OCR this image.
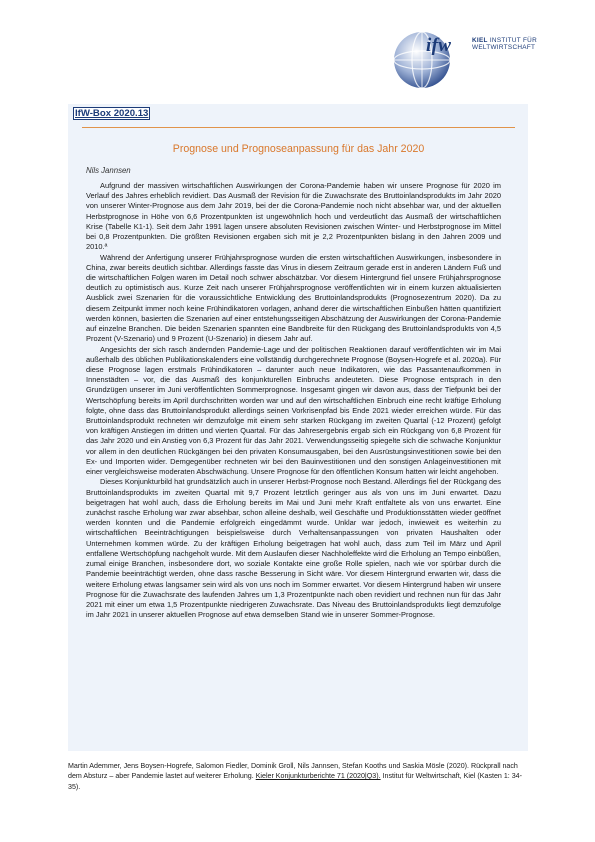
ifw	KIEL INSTITUT FÜR
WELTWIRTSCHAFT
IfW-Box 2020.13
Prognose und Prognoseanpassung für das Jahr 2020
Nils Jannsen

Aufgrund der massiven wirtschaftlichen Auswirkungen der Corona-Pandemie haben wir unsere Prognose für 2020 im Verlauf des Jahres erheblich revidiert. Das Ausmaß der Revision für die Zuwachsrate des Bruttoinlandsprodukts im Jahr 2020 von unserer Winter-Prognose aus dem Jahr 2019, bei der die Corona-Pandemie noch nicht absehbar war, und der aktuellen Herbstprognose in Höhe von 6,6 Prozentpunkten ist ungewöhnlich hoch und verdeutlicht das Ausmaß der wirtschaftlichen Krise (Tabelle K1-1). Seit dem Jahr 1991 lagen unsere absoluten Revisionen zwischen Winter- und Herbstprognose im Mittel bei 0,8 Prozentpunkten. Die größten Revisionen ergaben sich mit je 2,2 Prozentpunkten bislang in den Jahren 2009 und 2010.ª

Während der Anfertigung unserer Frühjahrsprognose wurden die ersten wirtschaftlichen Auswirkungen, insbesondere in China, zwar bereits deutlich sichtbar. Allerdings fasste das Virus in diesem Zeitraum gerade erst in anderen Ländern Fuß und die wirtschaftlichen Folgen waren im Detail noch schwer abschätzbar. Vor diesem Hintergrund fiel unsere Frühjahrsprognose deutlich zu optimistisch aus. Kurze Zeit nach unserer Frühjahrsprognose veröffentlichten wir in einem kurzen aktualisierten Ausblick zwei Szenarien für die voraussichtliche Entwicklung des Bruttoinlandsprodukts (Prognosezentrum 2020). Da zu diesem Zeitpunkt immer noch keine Frühindikatoren vorlagen, anhand derer die wirtschaftlichen Einbußen hätten quantifiziert werden können, basierten die Szenarien auf einer entstehungsseitigen Abschätzung der Auswirkungen der Corona-Pandemie auf einzelne Branchen. Die beiden Szenarien spannten eine Bandbreite für den Rückgang des Bruttoinlandsprodukts von 4,5 Prozent (V-Szenario) und 9 Prozent (U-Szenario) in diesem Jahr auf.

Angesichts der sich rasch ändernden Pandemie-Lage und der politischen Reaktionen darauf veröffentlichten wir im Mai außerhalb des üblichen Publikationskalenders eine vollständig durchgerechnete Prognose (Boysen-Hogrefe et al. 2020a). Für diese Prognose lagen erstmals Frühindikatoren – darunter auch neue Indikatoren, wie das Passantenaufkommen in Innenstädten – vor, die das Ausmaß des konjunkturellen Einbruchs andeuteten. Diese Prognose entsprach in den Grundzügen unserer im Juni veröffentlichten Sommerprognose. Insgesamt gingen wir davon aus, dass der Tiefpunkt bei der Wertschöpfung bereits im April durchschritten worden war und auf den wirtschaftlichen Einbruch eine recht kräftige Erholung folgte, ohne dass das Bruttoinlandsprodukt allerdings seinen Vorkrisenpfad bis Ende 2021 wieder erreichen würde. Für das Bruttoinlandsprodukt rechneten wir demzufolge mit einem sehr starken Rückgang im zweiten Quartal (-12 Prozent) gefolgt von kräftigen Anstiegen im dritten und vierten Quartal. Für das Jahresergebnis ergab sich ein Rückgang von 6,8 Prozent für das Jahr 2020 und ein Anstieg von 6,3 Prozent für das Jahr 2021. Verwendungsseitig spiegelte sich die schwache Konjunktur vor allem in den deutlichen Rückgängen bei den privaten Konsumausgaben, bei den Ausrüstungsinvestitionen sowie bei den Ex- und Importen wider. Demgegenüber rechneten wir bei den Bauinvestitionen und den sonstigen Anlageinvestitionen mit einer vergleichsweise moderaten Abschwächung. Unsere Prognose für den öffentlichen Konsum hatten wir leicht angehoben.

Dieses Konjunkturbild hat grundsätzlich auch in unserer Herbst-Prognose noch Bestand. Allerdings fiel der Rückgang des Bruttoinlandsprodukts im zweiten Quartal mit 9,7 Prozent letztlich geringer aus als von uns im Juni erwartet. Dazu beigetragen hat wohl auch, dass die Erholung bereits im Mai und Juni mehr Kraft entfaltete als von uns erwartet. Eine zunächst rasche Erholung war zwar absehbar, schon alleine deshalb, weil Geschäfte und Produktionsstätten wieder geöffnet werden konnten und die Pandemie erfolgreich eingedämmt wurde. Unklar war jedoch, inwieweit es weiterhin zu wirtschaftlichen Beeinträchtigungen beispielsweise durch Verhaltensanpassungen von privaten Haushalten oder Unternehmen kommen würde. Zu der kräftigen Erholung beigetragen hat wohl auch, dass zum Teil im März und April entfallene Wertschöpfung nachgeholt wurde. Mit dem Auslaufen dieser Nachholeffekte wird die Erholung an Tempo einbüßen, zumal einige Branchen, insbesondere dort, wo soziale Kontakte eine große Rolle spielen, nach wie vor spürbar durch die Pandemie beeinträchtigt werden, ohne dass rasche Besserung in Sicht wäre. Vor diesem Hintergrund erwarten wir, dass die weitere Erholung etwas langsamer sein wird als von uns noch im Sommer erwartet. Vor diesem Hintergrund haben wir unsere Prognose für die Zuwachsrate des laufenden Jahres um 1,3 Prozentpunkte nach oben revidiert und rechnen nun für das Jahr 2021 mit einer um etwa 1,5 Prozentpunkte niedrigeren Zuwachsrate. Das Niveau des Bruttoinlandsprodukts liegt demzufolge im Jahr 2021 in unserer aktuellen Prognose auf etwa demselben Stand wie in unserer Sommer-Prognose.

Martin Ademmer, Jens Boysen-Hogrefe, Salomon Fiedler, Dominik Groll, Nils Jannsen, Stefan Kooths und Saskia Mösle (2020). Rückprall nach dem Absturz – aber Pandemie lastet auf weiterer Erholung. Kieler Konjunkturberichte 71 (2020|Q3). Institut für Weltwirtschaft, Kiel (Kasten 1: 34-35).
